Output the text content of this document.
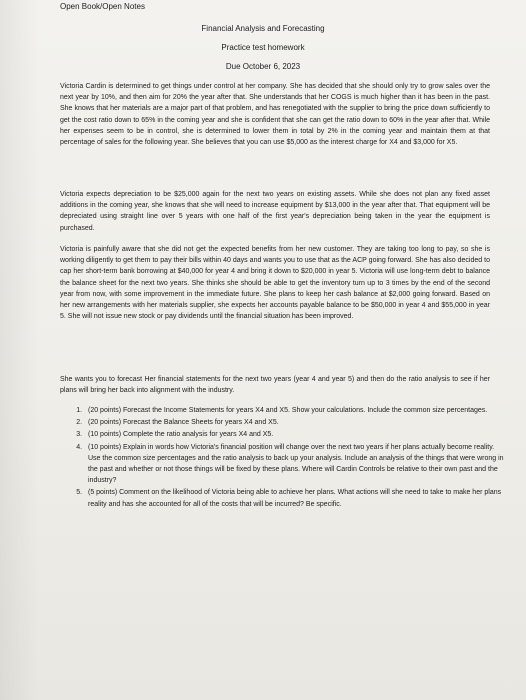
Open Book/Open Notes
Financial Analysis and Forecasting
Practice test homework
Due October 6, 2023

Victoria Cardin is determined to get things under control at her company. She has decided that she should only try to grow sales over the next year by 10%, and then aim for 20% the year after that. She understands that her COGS is much higher than it has been in the past. She knows that her materials are a major part of that problem, and has renegotiated with the supplier to bring the price down sufficiently to get the cost ratio down to 65% in the coming year and she is confident that she can get the ratio down to 60% in the year after that. While her expenses seem to be in control, she is determined to lower them in total by 2% in the coming year and maintain them at that percentage of sales for the following year. She believes that you can use $5,000 as the interest charge for X4 and $3,000 for X5.

Victoria expects depreciation to be $25,000 again for the next two years on existing assets. While she does not plan any fixed asset additions in the coming year, she knows that she will need to increase equipment by $13,000 in the year after that. That equipment will be depreciated using straight line over 5 years with one half of the first year's depreciation being taken in the year the equipment is purchased.

Victoria is painfully aware that she did not get the expected benefits from her new customer. They are taking too long to pay, so she is working diligently to get them to pay their bills within 40 days and wants you to use that as the ACP going forward. She has also decided to cap her short-term bank borrowing at $40,000 for year 4 and bring it down to $20,000 in year 5. Victoria will use long-term debt to balance the balance sheet for the next two years. She thinks she should be able to get the inventory turn up to 3 times by the end of the second year from now, with some improvement in the immediate future. She plans to keep her cash balance at $2,000 going forward. Based on her new arrangements with her materials supplier, she expects her accounts payable balance to be $50,000 in year 4 and $55,000 in year 5. She will not issue new stock or pay dividends until the financial situation has been improved.

She wants you to forecast Her financial statements for the next two years (year 4 and year 5) and then do the ratio analysis to see if her plans will bring her back into alignment with the industry.

1. (20 points) Forecast the Income Statements for years X4 and X5. Show your calculations. Include the common size percentages.
2. (20 points) Forecast the Balance Sheets for years X4 and X5.
3. (10 points) Complete the ratio analysis for years X4 and X5.
4. (10 points) Explain in words how Victoria's financial position will change over the next two years if her plans actually become reality. Use the common size percentages and the ratio analysis to back up your analysis. Include an analysis of the things that were wrong in the past and whether or not those things will be fixed by these plans. Where will Cardin Controls be relative to their own past and the industry?
5. (5 points) Comment on the likelihood of Victoria being able to achieve her plans. What actions will she need to take to make her plans reality and has she accounted for all of the costs that will be incurred? Be specific.
